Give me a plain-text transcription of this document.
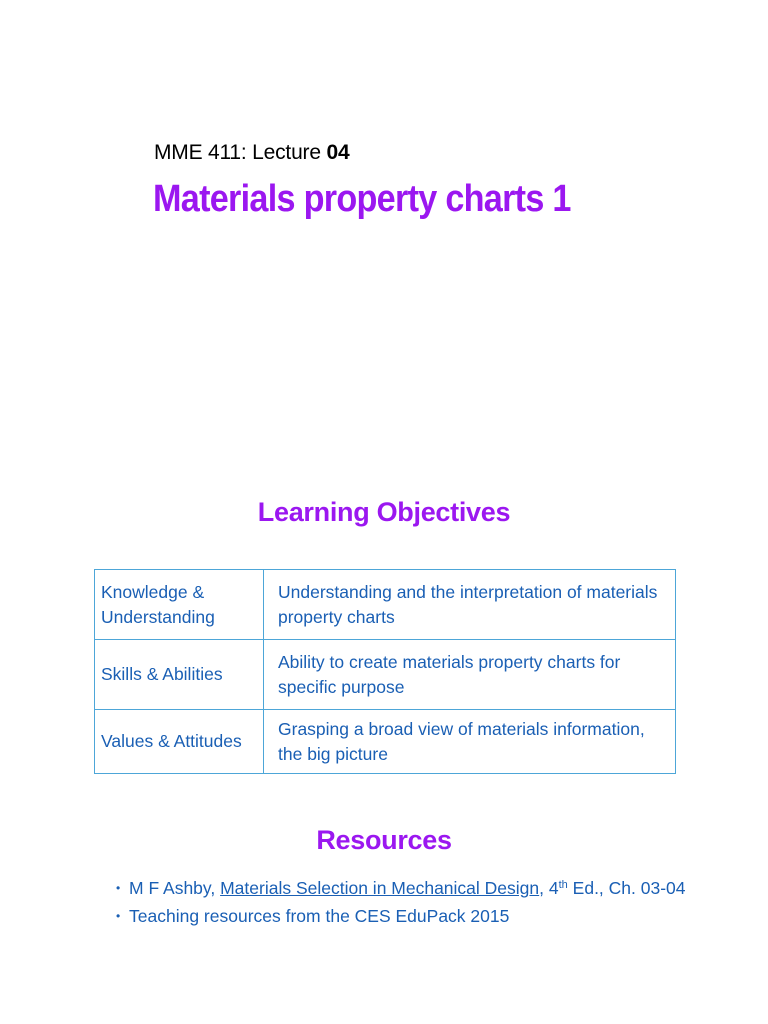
MME 411: Lecture 04
Materials property charts 1
Learning Objectives
Knowledge & Understanding	Understanding and the interpretation of materials property charts
Skills & Abilities	Ability to create materials property charts for specific purpose
Values & Attitudes	Grasping a broad view of materials information, the big picture
Resources
• M F Ashby, Materials Selection in Mechanical Design, 4th Ed., Ch. 03-04
• Teaching resources from the CES EduPack 2015
